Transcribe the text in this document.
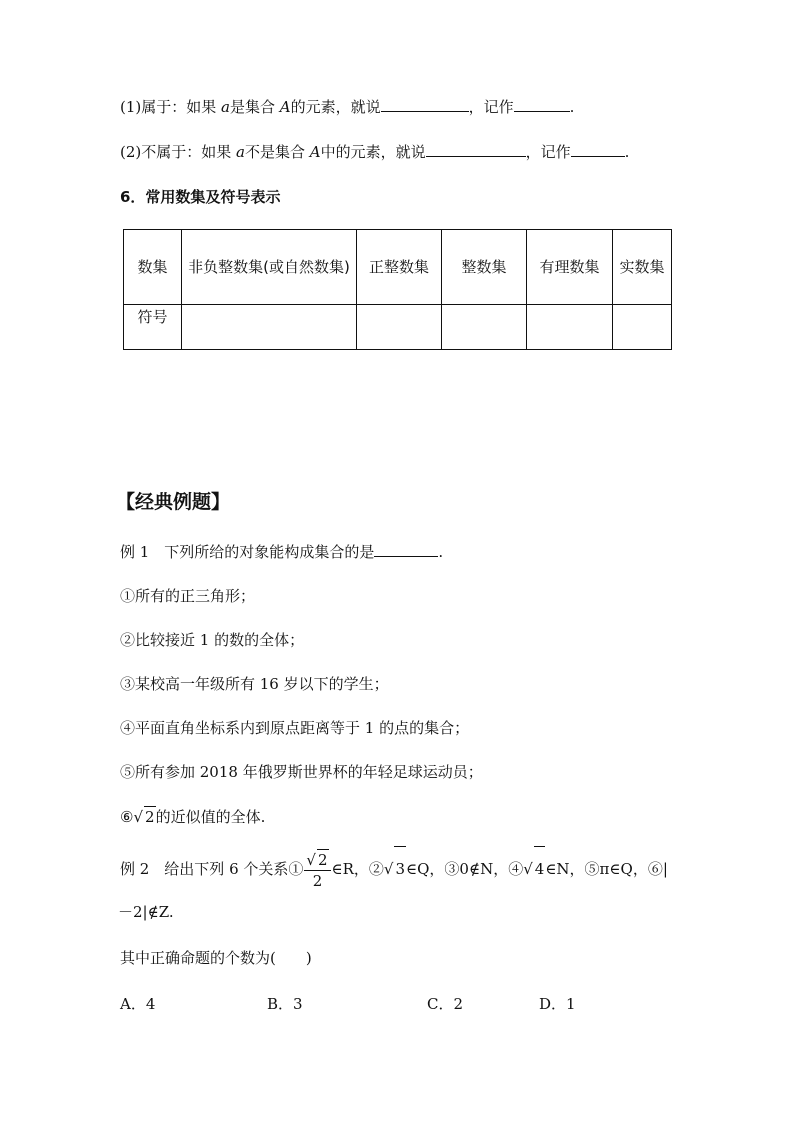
(1)属于：如果 a是集合 A的元素，就说	，记作	.
(2)不属于：如果 a不是集合 A中的元素，就说	，记作	.
6．常用数集及符号表示
数集	非负整数集(或自然数集)	正整数集	整数集	有理数集	实数集
符号					
【经典例题】
例 1　下列所给的对象能构成集合的是	.
①所有的正三角形；
②比较接近 1 的数的全体；
③某校高一年级所有 16 岁以下的学生；
④平面直角坐标系内到原点距离等于 1 的点的集合；
⑤所有参加 2018 年俄罗斯世界杯的年轻足球运动员；
⑥√ 2的近似值的全体.
例 2　给出下列 6 个关系① $\frac{√ 2}{2}$ ∈R，②√ 3∈Q，③0∉N，④√ 4∈N，⑤π∈Q，⑥|
－2|∉Z.
其中正确命题的个数为(　　)
A．4	B．3	C．2	D．1
